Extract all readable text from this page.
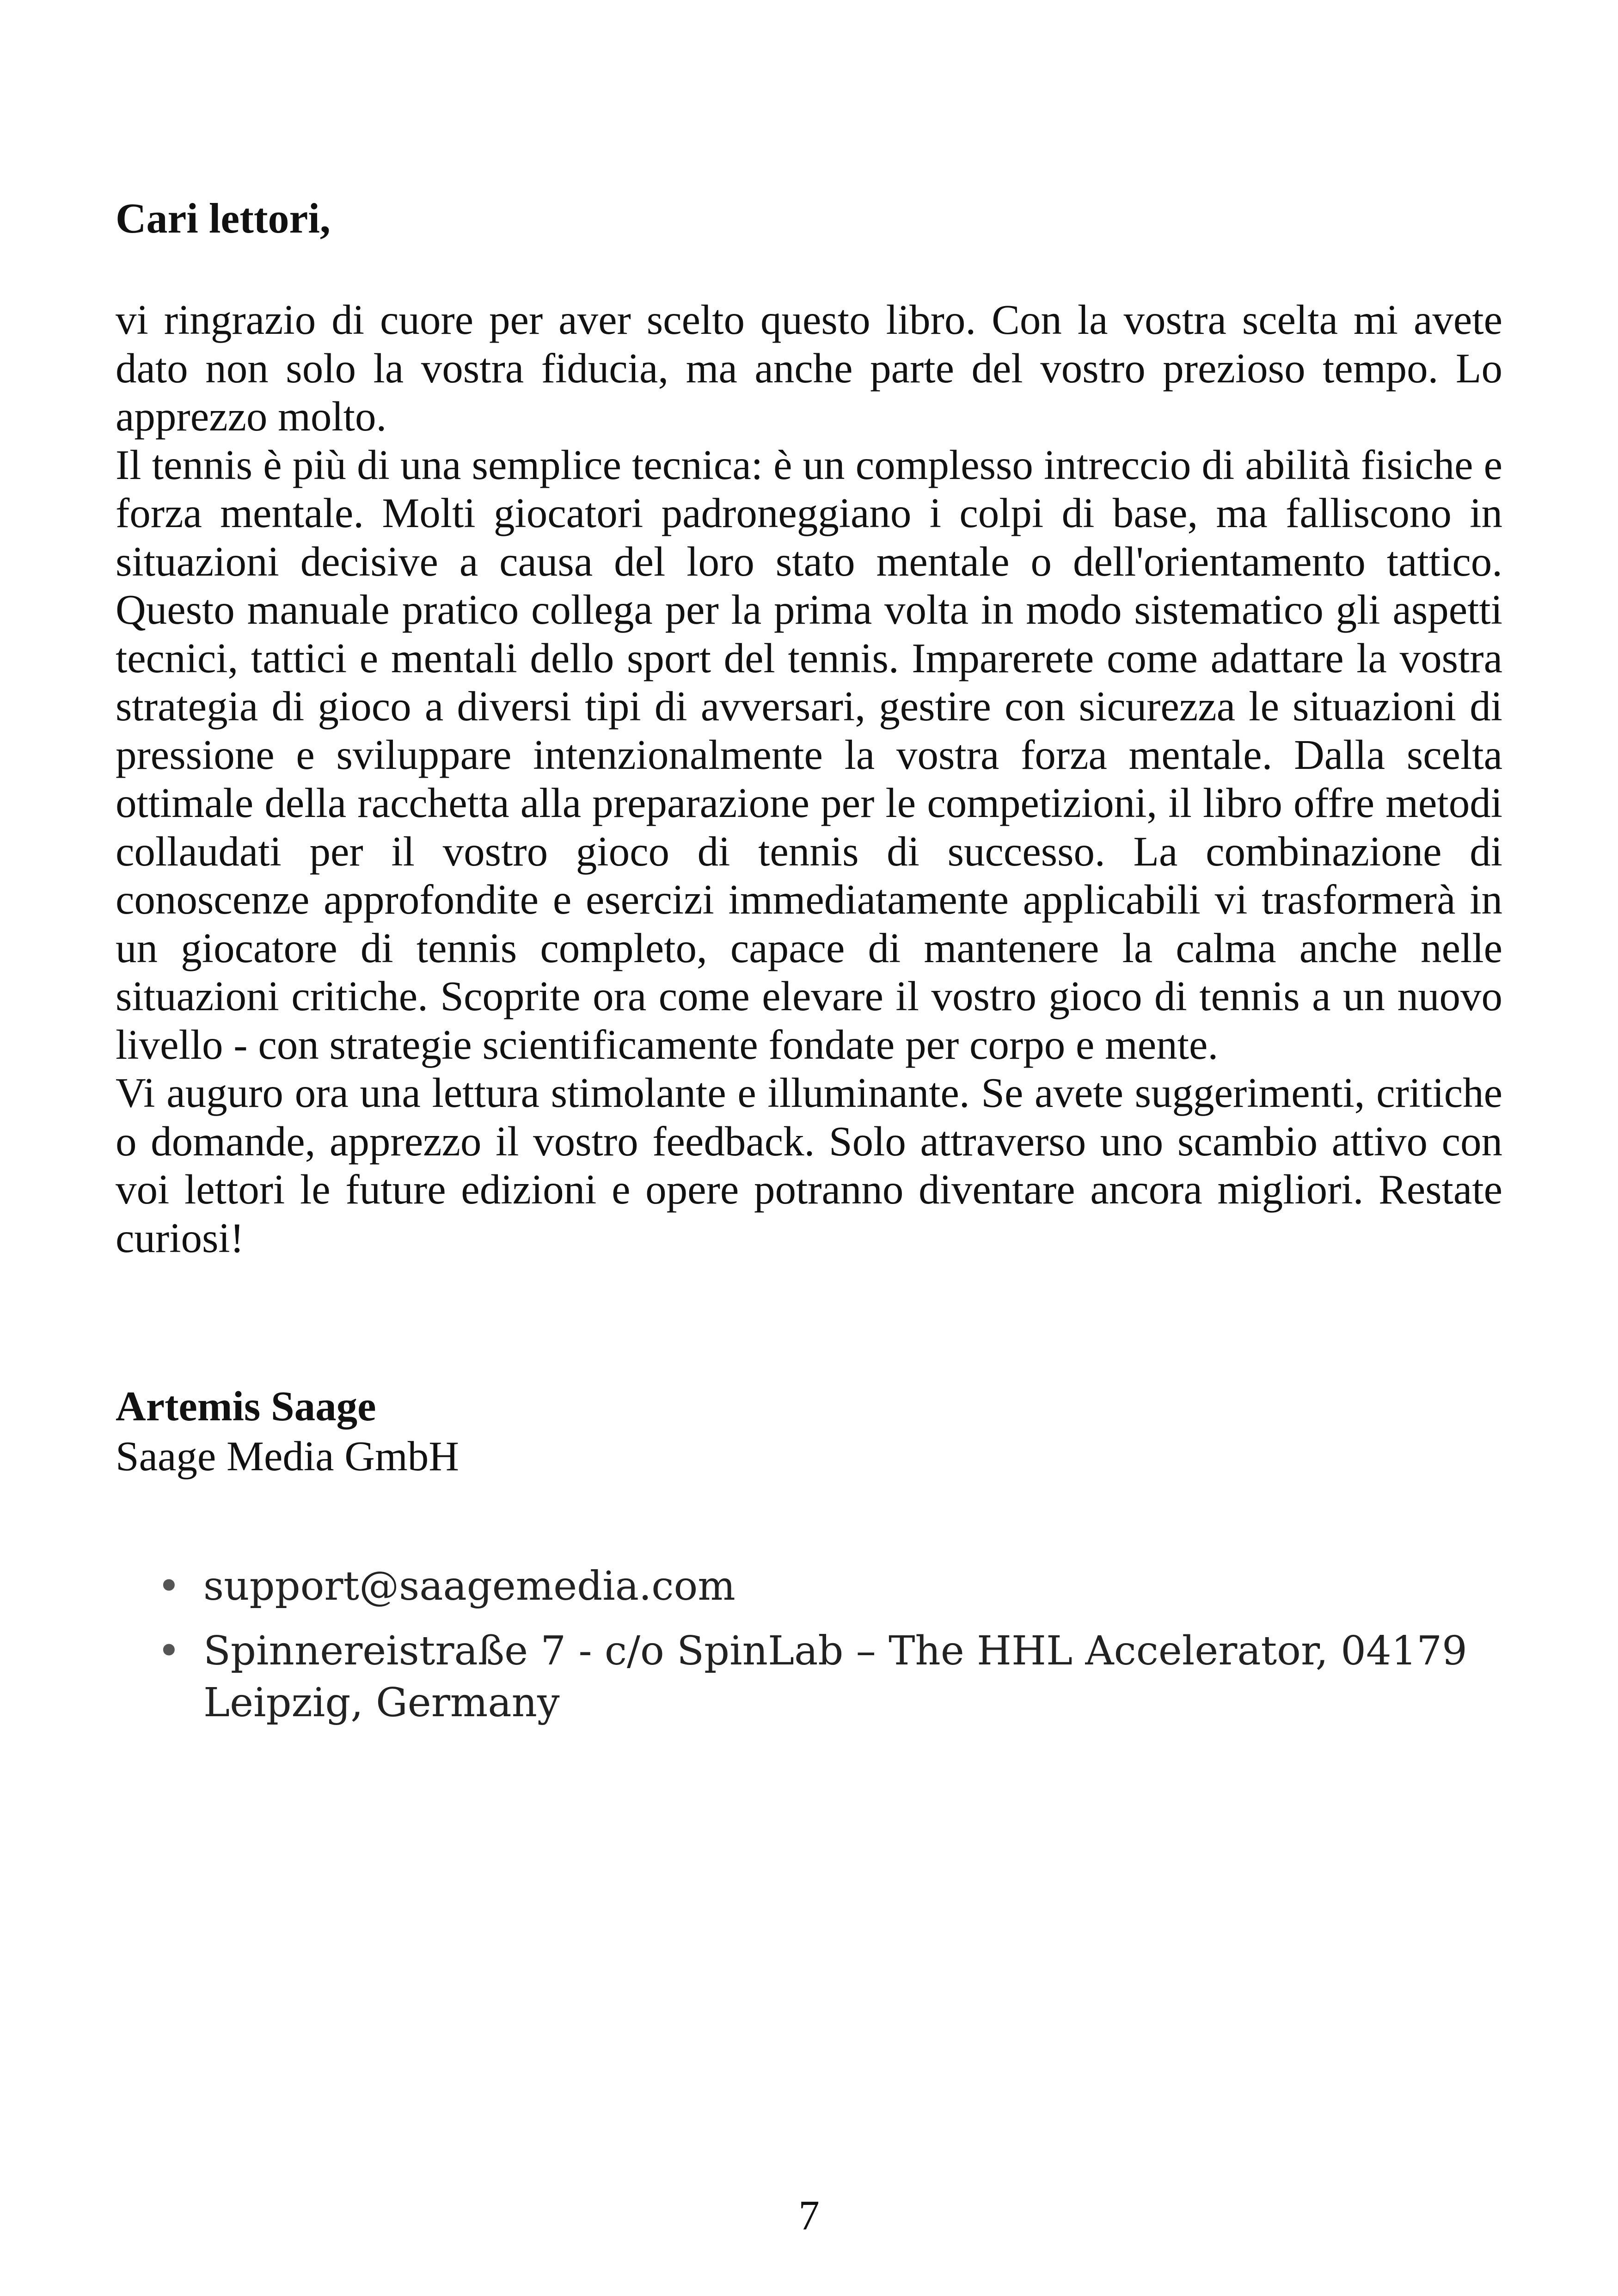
Cari lettori,

vi ringrazio di cuore per aver scelto questo libro. Con la vostra scelta mi avete dato non solo la vostra fiducia, ma anche parte del vostro prezioso tempo. Lo apprezzo molto.

Il tennis è più di una semplice tecnica: è un complesso intreccio di abilità fisiche e forza mentale. Molti giocatori padroneggiano i colpi di base, ma falliscono in situazioni decisive a causa del loro stato mentale o dell'orientamento tattico. Questo manuale pratico collega per la prima volta in modo sistematico gli aspetti tecnici, tattici e mentali dello sport del tennis. Imparerete come adattare la vostra strategia di gioco a diversi tipi di avversari, gestire con sicurezza le situazioni di pressione e sviluppare intenzionalmente la vostra forza mentale. Dalla scelta ottimale della racchetta alla preparazione per le competizioni, il libro offre metodi collaudati per il vostro gioco di tennis di successo. La combinazione di conoscenze approfondite e esercizi immediatamente applicabili vi trasformerà in un giocatore di tennis completo, capace di mantenere la calma anche nelle situazioni critiche. Scoprite ora come elevare il vostro gioco di tennis a un nuovo livello - con strategie scientificamente fondate per corpo e mente.

Vi auguro ora una lettura stimolante e illuminante. Se avete suggerimenti, critiche o domande, apprezzo il vostro feedback. Solo attraverso uno scambio attivo con voi lettori le future edizioni e opere potranno diventare ancora migliori. Restate curiosi!

Artemis Saage

Saage Media GmbH

• support@saagemedia.com
• Spinnereistraße 7 - c/o SpinLab – The HHL Accelerator, 04179 Leipzig, Germany

7
